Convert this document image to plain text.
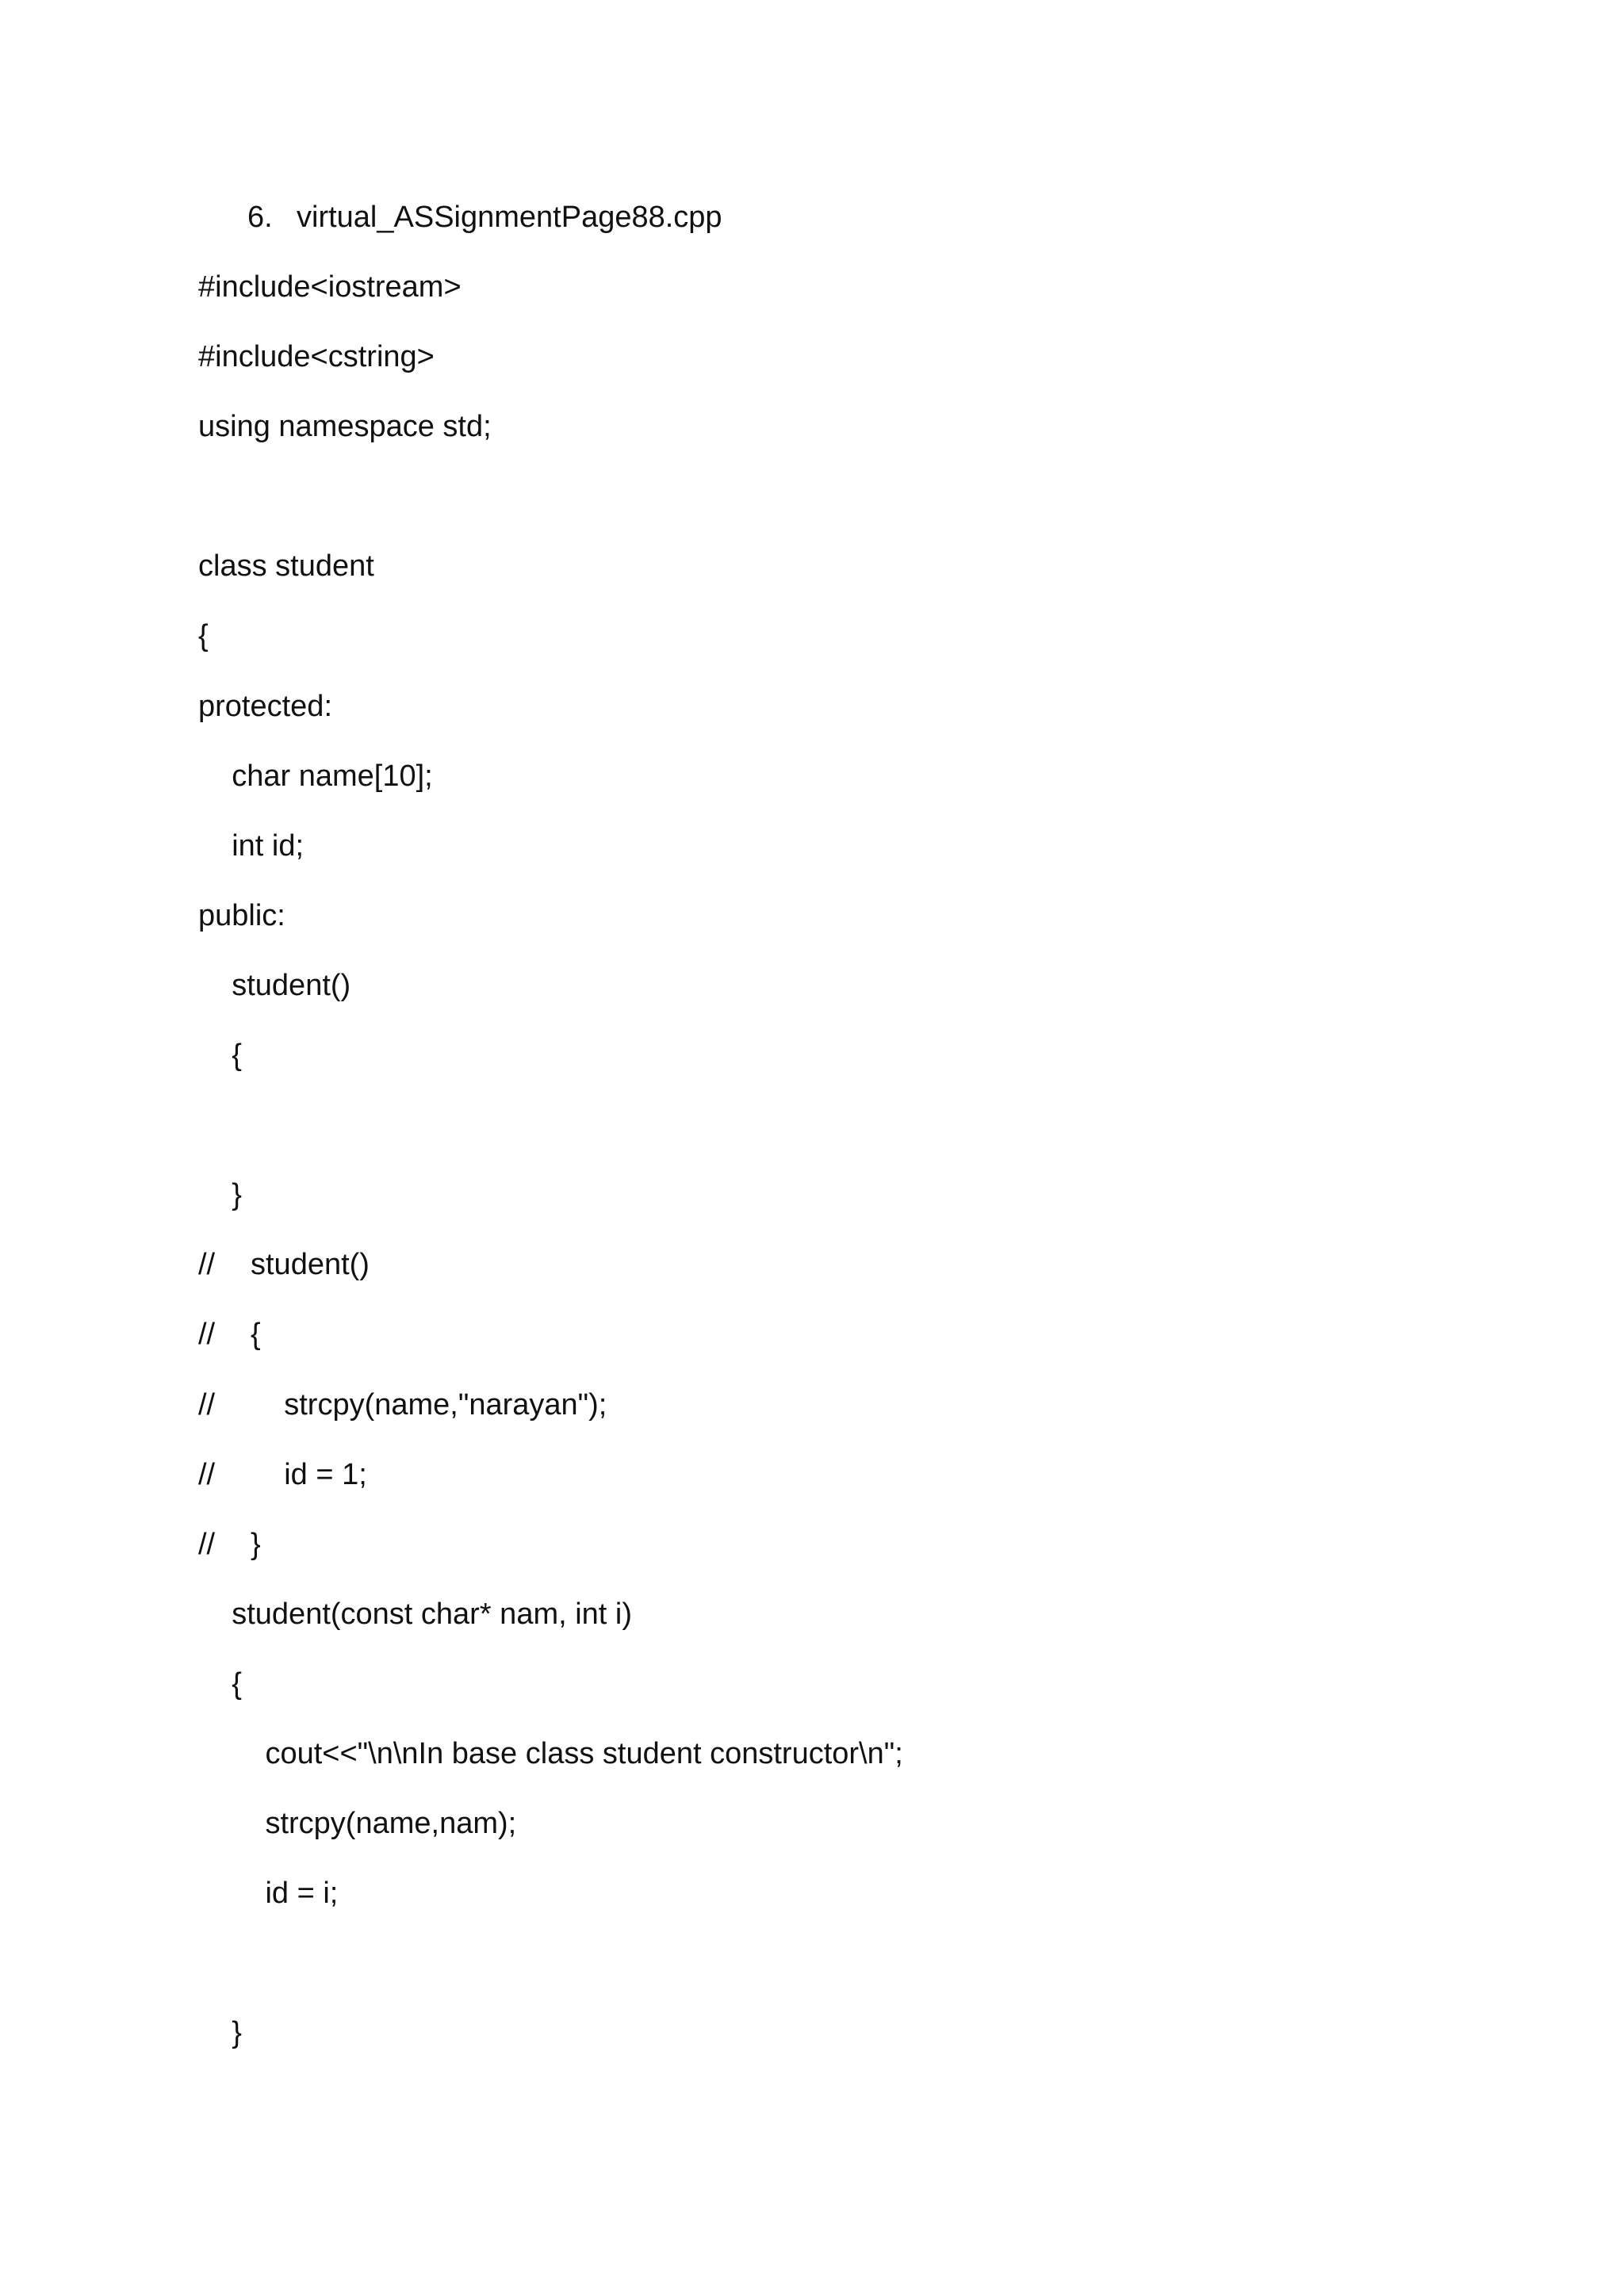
6. virtual_ASSignmentPage88.cpp
#include<iostream>
#include<cstring>
using namespace std;
class student
{
protected:
char name[10];
int id;
public:
student()
{
}
// student()
// {
//    strcpy(name,"narayan");
//    id = 1;
// }
student(const char* nam, int i)
{
cout<<"\n\nIn base class student constructor\n";
strcpy(name,nam);
id = i;
}
